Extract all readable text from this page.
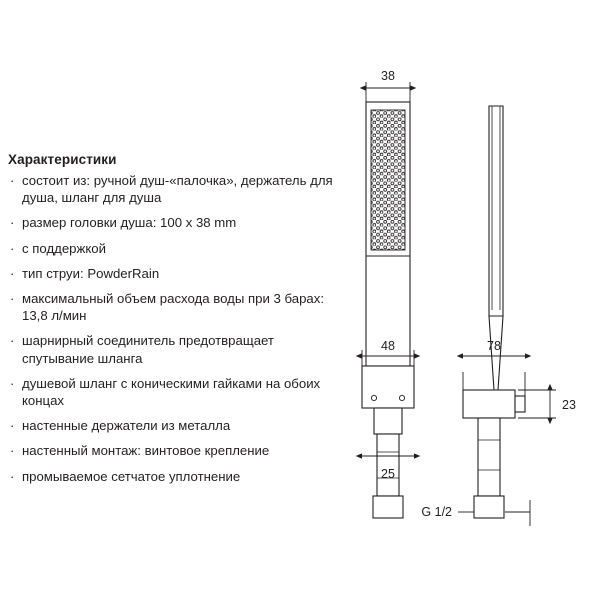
Характеристики
· состоит из: ручной душ-«палочка», держатель для душа, шланг для душа
· размер головки душа: 100 x 38 mm
· с поддержкой
· тип струи: PowderRain
· максимальный объем расхода воды при 3 барах: 13,8 л/мин
· шарнирный соединитель предотвращает спутывание шланга
· душевой шланг с коническими гайками на обоих концах
· настенные держатели из металла
· настенный монтаж: винтовое крепление
· промываемое сетчатое уплотнение
38
48
25
78
23
G 1/2
